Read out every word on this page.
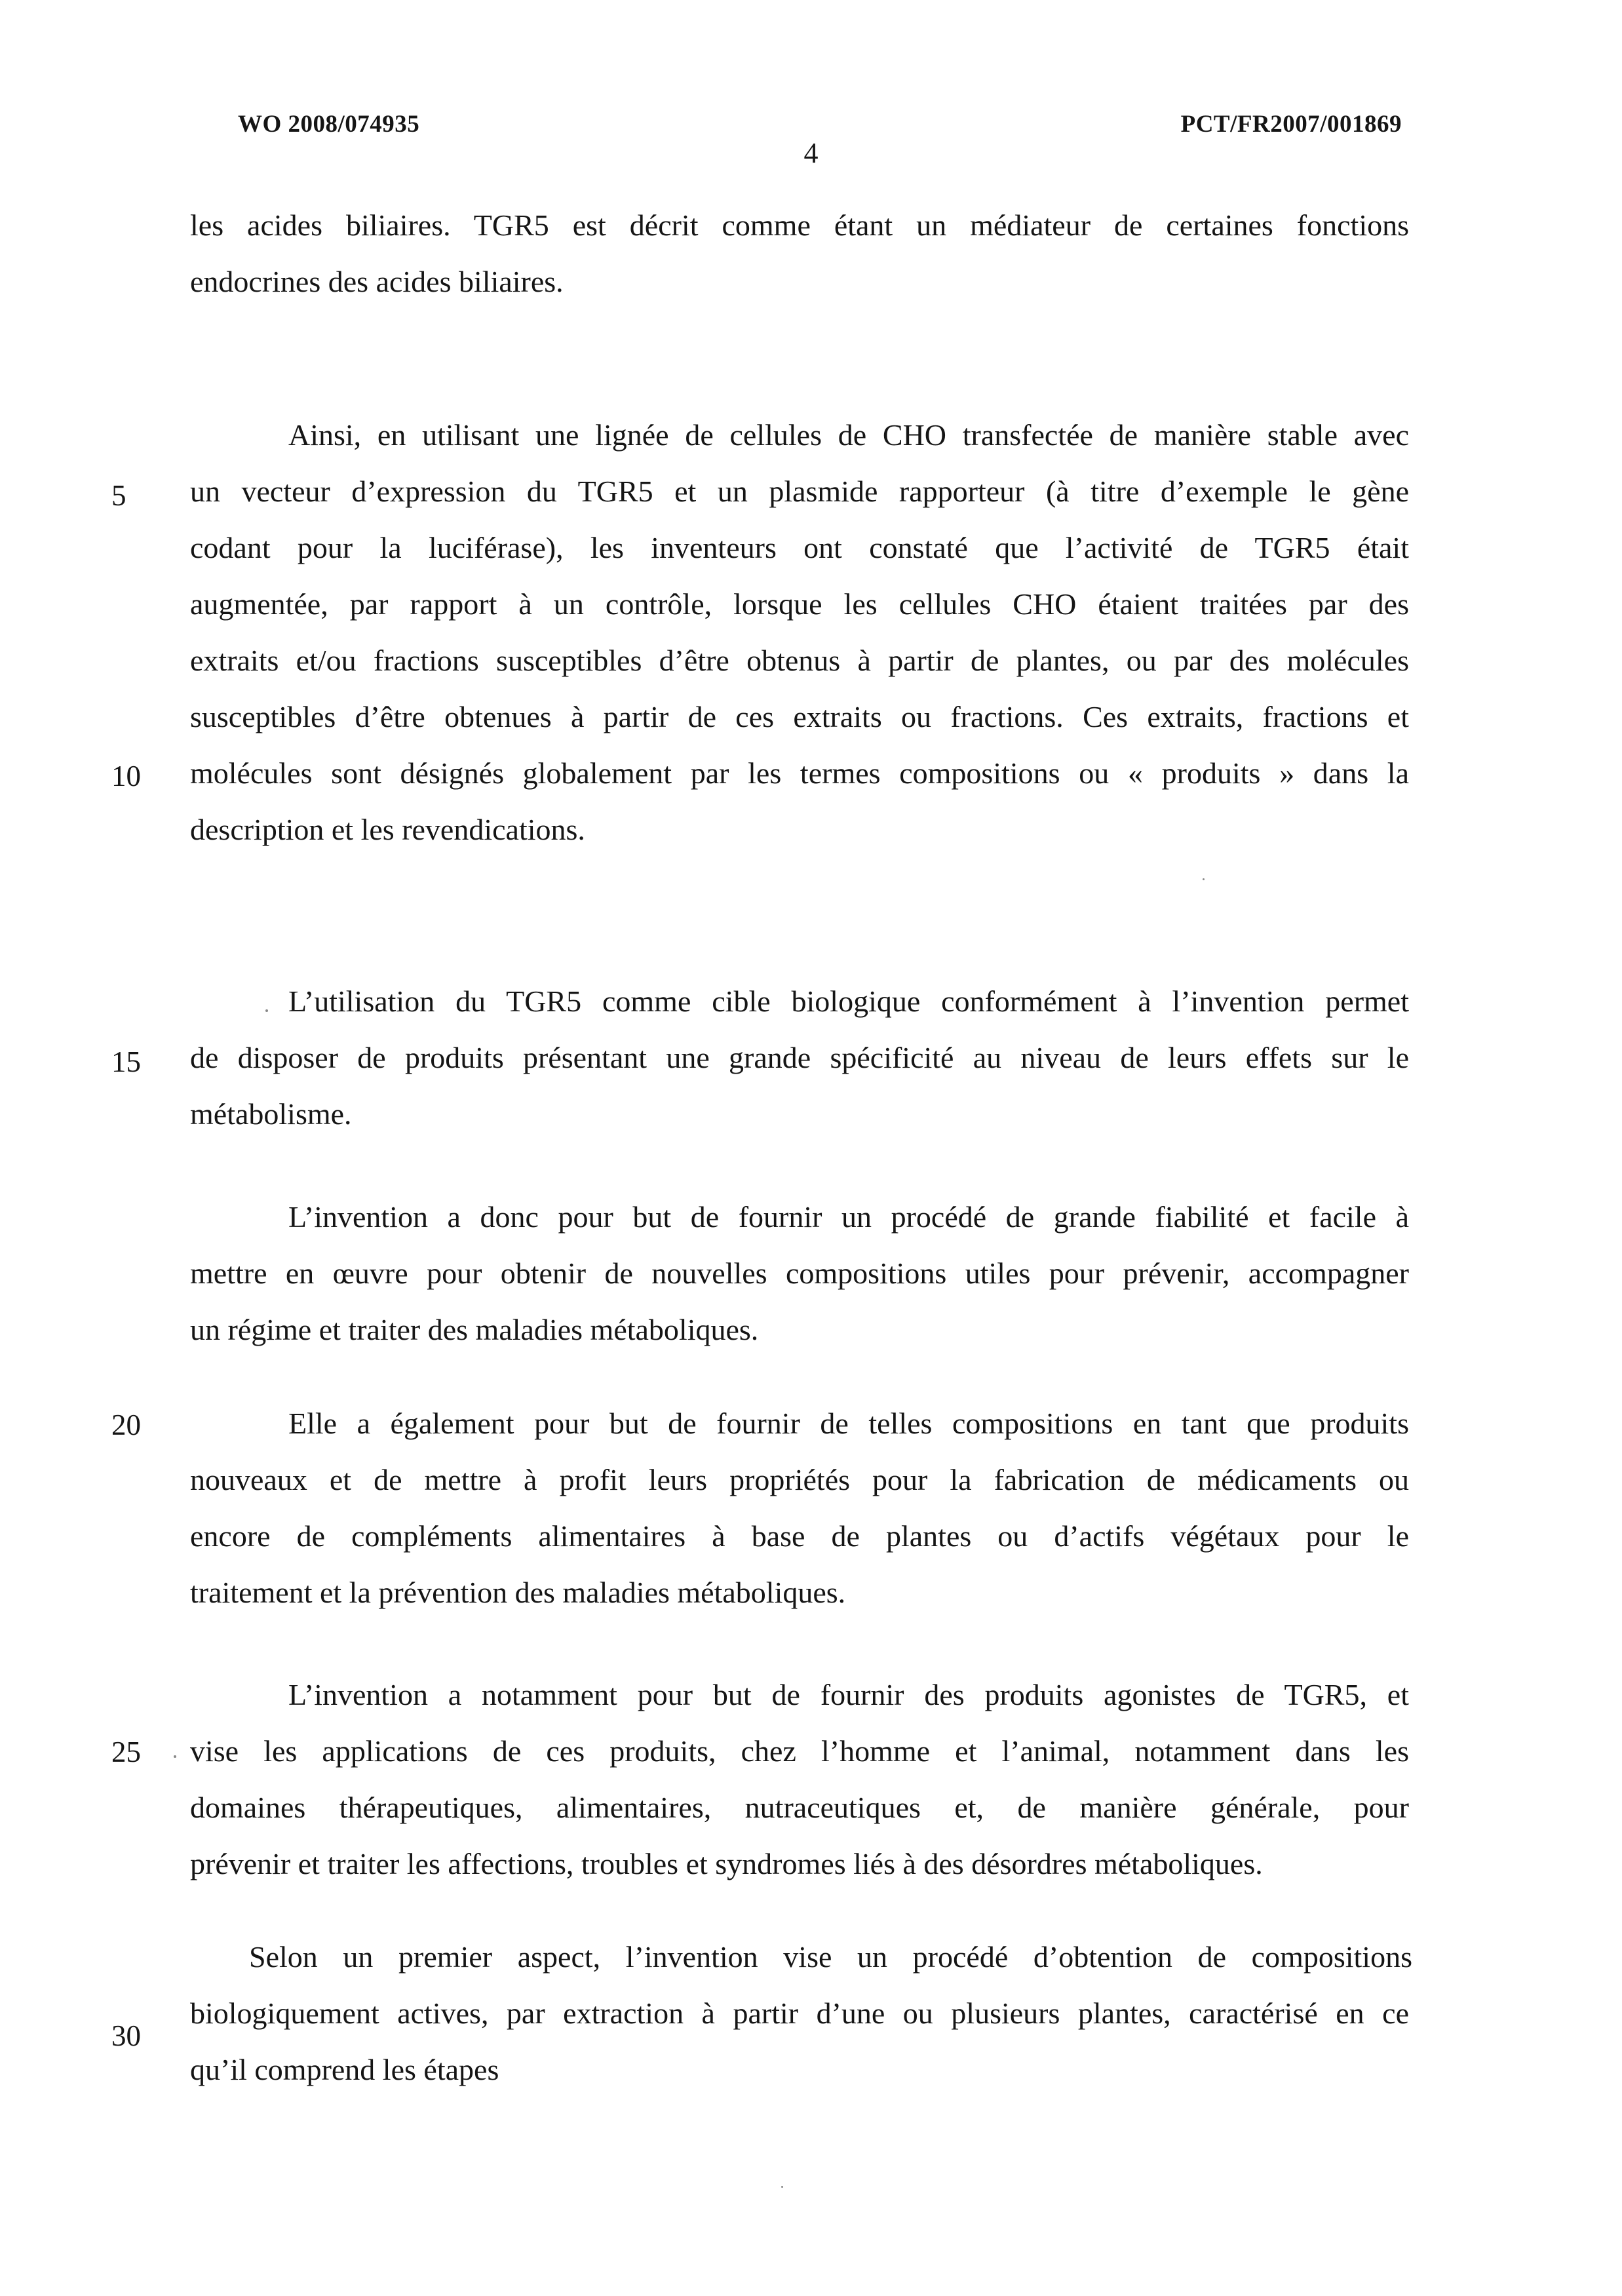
WO 2008/074935
4
PCT/FR2007/001869
5
10
15
20
25
30
les acides biliaires. TGR5 est décrit comme étant un médiateur de certaines fonctions
endocrines des acides biliaires.
Ainsi, en utilisant une lignée de cellules de CHO transfectée de manière stable avec
un vecteur d’expression du TGR5 et un plasmide rapporteur (à titre d’exemple le gène
codant pour la luciférase), les inventeurs ont constaté que l’activité de TGR5 était
augmentée, par rapport à un contrôle, lorsque les cellules CHO étaient traitées par des
extraits et/ou fractions susceptibles d’être obtenus à partir de plantes, ou par des molécules
susceptibles d’être obtenues à partir de ces extraits ou fractions. Ces extraits, fractions et
molécules sont désignés globalement par les termes compositions ou « produits » dans la
description et les revendications.
L’utilisation du TGR5 comme cible biologique conformément à l’invention permet
de disposer de produits présentant une grande spécificité au niveau de leurs effets sur le
métabolisme.
L’invention a donc pour but de fournir un procédé de grande fiabilité et facile à
mettre en œuvre pour obtenir de nouvelles compositions utiles pour prévenir, accompagner
un régime et traiter des maladies métaboliques.
Elle a également pour but de fournir de telles compositions en tant que produits
nouveaux et de mettre à profit leurs propriétés pour la fabrication de médicaments ou
encore de compléments alimentaires à base de plantes ou d’actifs végétaux pour le
traitement et la prévention des maladies métaboliques.
L’invention a notamment pour but de fournir des produits agonistes de TGR5, et
vise les applications de ces produits, chez l’homme et l’animal, notamment dans les
domaines thérapeutiques, alimentaires, nutraceutiques et, de manière générale, pour
prévenir et traiter les affections, troubles et syndromes liés à des désordres métaboliques.
Selon un premier aspect, l’invention vise un procédé d’obtention de compositions
biologiquement actives, par extraction à partir d’une ou plusieurs plantes, caractérisé en ce
qu’il comprend les étapes
